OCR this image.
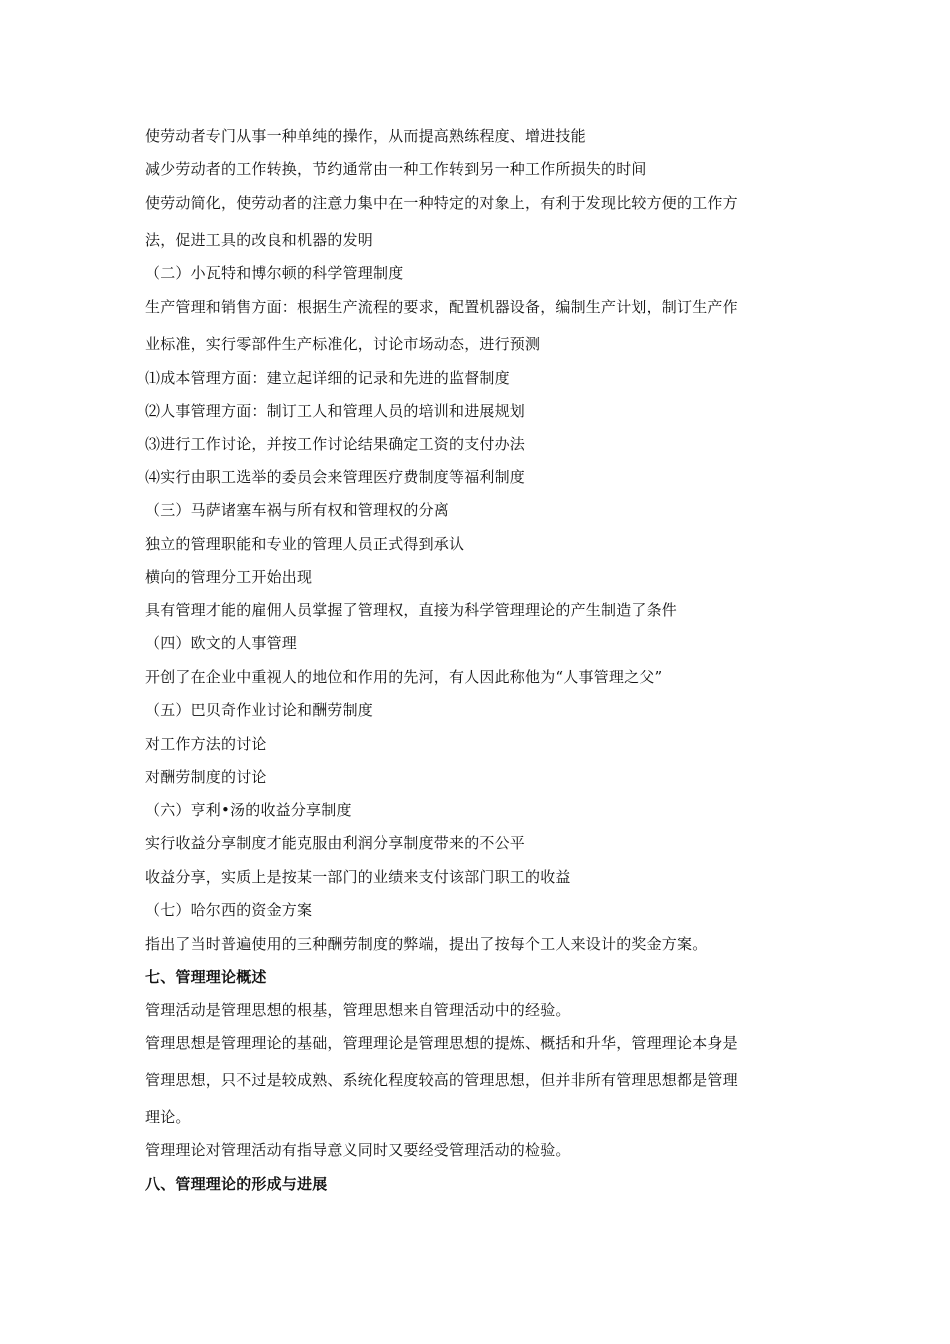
使劳动者专门从事一种单纯的操作，从而提高熟练程度、增进技能
减少劳动者的工作转换，节约通常由一种工作转到另一种工作所损失的时间
使劳动简化，使劳动者的注意力集中在一种特定的对象上，有利于发现比较方便的工作方
法，促进工具的改良和机器的发明
（二）小瓦特和博尔顿的科学管理制度
生产管理和销售方面：根据生产流程的要求，配置机器设备，编制生产计划，制订生产作
业标准，实行零部件生产标准化，讨论市场动态，进行预测
⑴成本管理方面：建立起详细的记录和先进的监督制度
⑵人事管理方面：制订工人和管理人员的培训和进展规划
⑶进行工作讨论，并按工作讨论结果确定工资的支付办法
⑷实行由职工选举的委员会来管理医疗费制度等福利制度
（三）马萨诸塞车祸与所有权和管理权的分离
独立的管理职能和专业的管理人员正式得到承认
横向的管理分工开始出现
具有管理才能的雇佣人员掌握了管理权，直接为科学管理理论的产生制造了条件
（四）欧文的人事管理
开创了在企业中重视人的地位和作用的先河，有人因此称他为“人事管理之父”
（五）巴贝奇作业讨论和酬劳制度
对工作方法的讨论
对酬劳制度的讨论
（六）亨利•汤的收益分享制度
实行收益分享制度才能克服由利润分享制度带来的不公平
收益分享，实质上是按某一部门的业绩来支付该部门职工的收益
（七）哈尔西的资金方案
指出了当时普遍使用的三种酬劳制度的弊端，提出了按每个工人来设计的奖金方案。
七、管理理论概述
管理活动是管理思想的根基，管理思想来自管理活动中的经验。
管理思想是管理理论的基础，管理理论是管理思想的提炼、概括和升华，管理理论本身是
管理思想，只不过是较成熟、系统化程度较高的管理思想，但并非所有管理思想都是管理
理论。
管理理论对管理活动有指导意义同时又要经受管理活动的检验。
八、管理理论的形成与进展
